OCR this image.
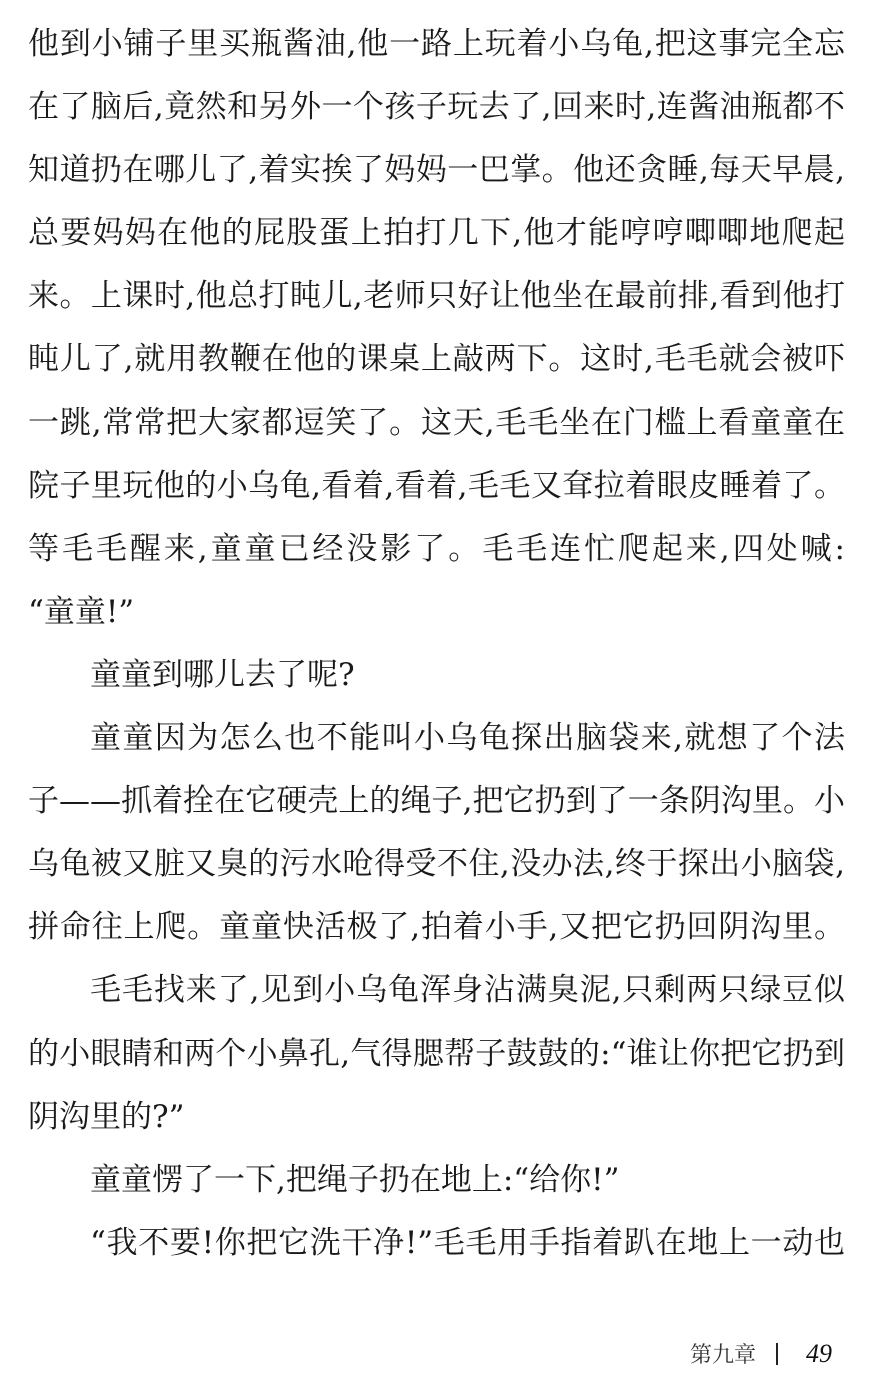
他到小铺子里买瓶酱油,他一路上玩着小乌龟,把这事完全忘
在了脑后,竟然和另外一个孩子玩去了,回来时,连酱油瓶都不
知道扔在哪儿了,着实挨了妈妈一巴掌。他还贪睡,每天早晨,
总要妈妈在他的屁股蛋上拍打几下,他才能哼哼唧唧地爬起
来。上课时,他总打盹儿,老师只好让他坐在最前排,看到他打
盹儿了,就用教鞭在他的课桌上敲两下。这时,毛毛就会被吓
一跳,常常把大家都逗笑了。这天,毛毛坐在门槛上看童童在
院子里玩他的小乌龟,看着,看着,毛毛又耷拉着眼皮睡着了。
等毛毛醒来,童童已经没影了。毛毛连忙爬起来,四处喊:
“童童!”
童童到哪儿去了呢?
童童因为怎么也不能叫小乌龟探出脑袋来,就想了个法
子——抓着拴在它硬壳上的绳子,把它扔到了一条阴沟里。小
乌龟被又脏又臭的污水呛得受不住,没办法,终于探出小脑袋,
拼命往上爬。童童快活极了,拍着小手,又把它扔回阴沟里。
毛毛找来了,见到小乌龟浑身沾满臭泥,只剩两只绿豆似
的小眼睛和两个小鼻孔,气得腮帮子鼓鼓的:“谁让你把它扔到
阴沟里的?”
童童愣了一下,把绳子扔在地上:“给你!”
“我不要!你把它洗干净!”毛毛用手指着趴在地上一动也
第九章 49
